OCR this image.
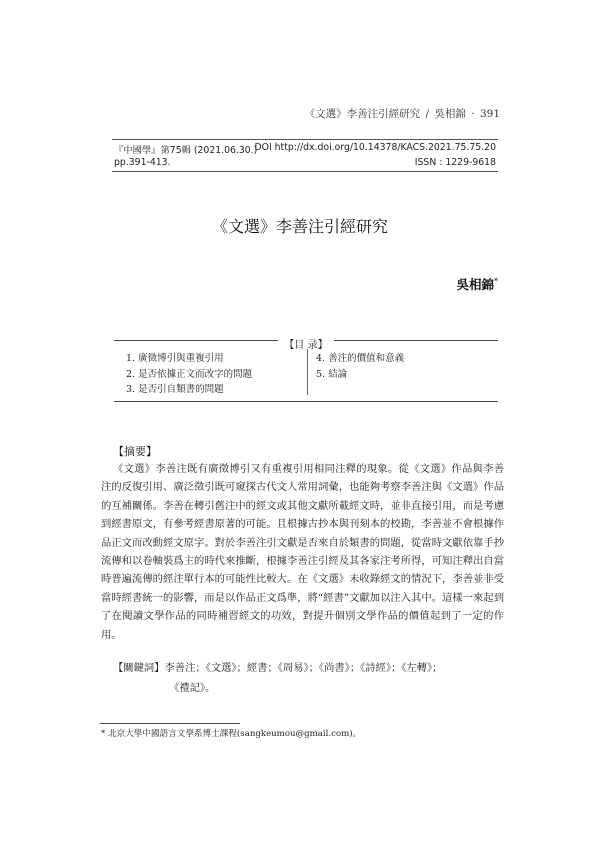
《文選》李善注引經研究 / 吳相錦 · 391
『中國學』第75輯 (2021.06.30.)
DOI http://dx.doi.org/10.14378/KACS.2021.75.75.20
pp.391-413.	ISSN : 1229-9618
《文選》李善注引經研究
吳相錦*
【目 录】
1. 廣徵博引與重複引用
2. 是否依據正文而改字的問題
3. 是否引自類書的問題
4. 善注的價值和意義
5. 結論
【摘要】
《文選》李善注既有廣徵博引又有重複引用相同注釋的現象。從《文選》作品與李善注的反復引用、廣泛徵引既可窺探古代文人常用詞彙，也能夠考察李善注與《文選》作品的互補關係。李善在轉引舊注中的經文或其他文獻所載經文時，並非直接引用，而是考慮到經書原文，有參考經書原著的可能。且根據古抄本與刊刻本的校勘，李善並不會根據作品正文而改動經文原字。對於李善注引文獻是否來自於類書的問題，從當時文獻依靠手抄流傳和以卷軸裝爲主的時代來推斷，根據李善注引經及其各家注考所得，可知注釋出自當時普遍流傳的經注單行本的可能性比較大。在《文選》未收錄經文的情況下，李善並非受當時經書統一的影響，而是以作品正文爲準，將“經書”文獻加以注入其中。這樣一來起到了在閱讀文學作品的同時補習經文的功效，對提升個別文學作品的價值起到了一定的作用。
【關鍵詞】李善注；《文選》；經書；《周易》；《尚書》；《詩經》；《左轉》；
《禮記》。
* 北京大學中國語言文學系博士課程(sangkeumou@gmail.com)。
